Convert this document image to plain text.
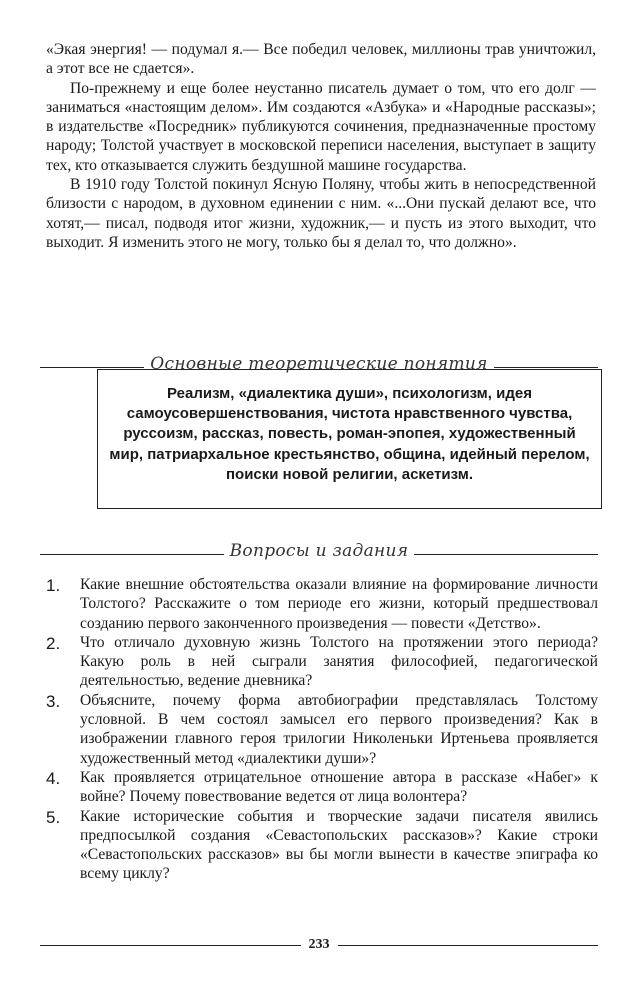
«Экая энергия! — подумал я.— Все победил человек, миллионы трав уничтожил, а этот все не сдается».

По-прежнему и еще более неустанно писатель думает о том, что его долг — заниматься «настоящим делом». Им создаются «Азбука» и «Народные рассказы»; в издательстве «Посредник» публикуются сочинения, предназначенные простому народу; Толстой участвует в московской переписи населения, выступает в защиту тех, кто отказывается служить бездушной машине государства.

В 1910 году Толстой покинул Ясную Поляну, чтобы жить в непосредственной близости с народом, в духовном единении с ним. «...Они пускай делают все, что хотят,— писал, подводя итог жизни, художник,— и пусть из этого выходит, что выходит. Я изменить этого не могу, только бы я делал то, что должно».

Основные теоретические понятия

Реализм, «диалектика души», психологизм, идея самоусовершенствования, чистота нравственного чувства, руссоизм, рассказ, повесть, роман-эпопея, художественный мир, патриархальное крестьянство, община, идейный перелом, поиски новой религии, аскетизм.

Вопросы и задания
1.	Какие внешние обстоятельства оказали влияние на формирование личности Толстого? Расскажите о том периоде его жизни, который предшествовал созданию первого законченного произведения — повести «Детство».

2.	Что отличало духовную жизнь Толстого на протяжении этого периода? Какую роль в ней сыграли занятия философией, педагогической деятельностью, ведение дневника?

3.	Объясните, почему форма автобиографии представлялась Толстому условной. В чем состоял замысел его первого произведения? Как в изображении главного героя трилогии Николеньки Иртеньева проявляется художественный метод «диалектики души»?

4.	Как проявляется отрицательное отношение автора в рассказе «Набег» к войне? Почему повествование ведется от лица волонтера?

5.	Какие исторические события и творческие задачи писателя явились предпосылкой создания «Севастопольских рассказов»? Какие строки «Севастопольских рассказов» вы бы могли вынести в качестве эпиграфа ко всему циклу?

233
